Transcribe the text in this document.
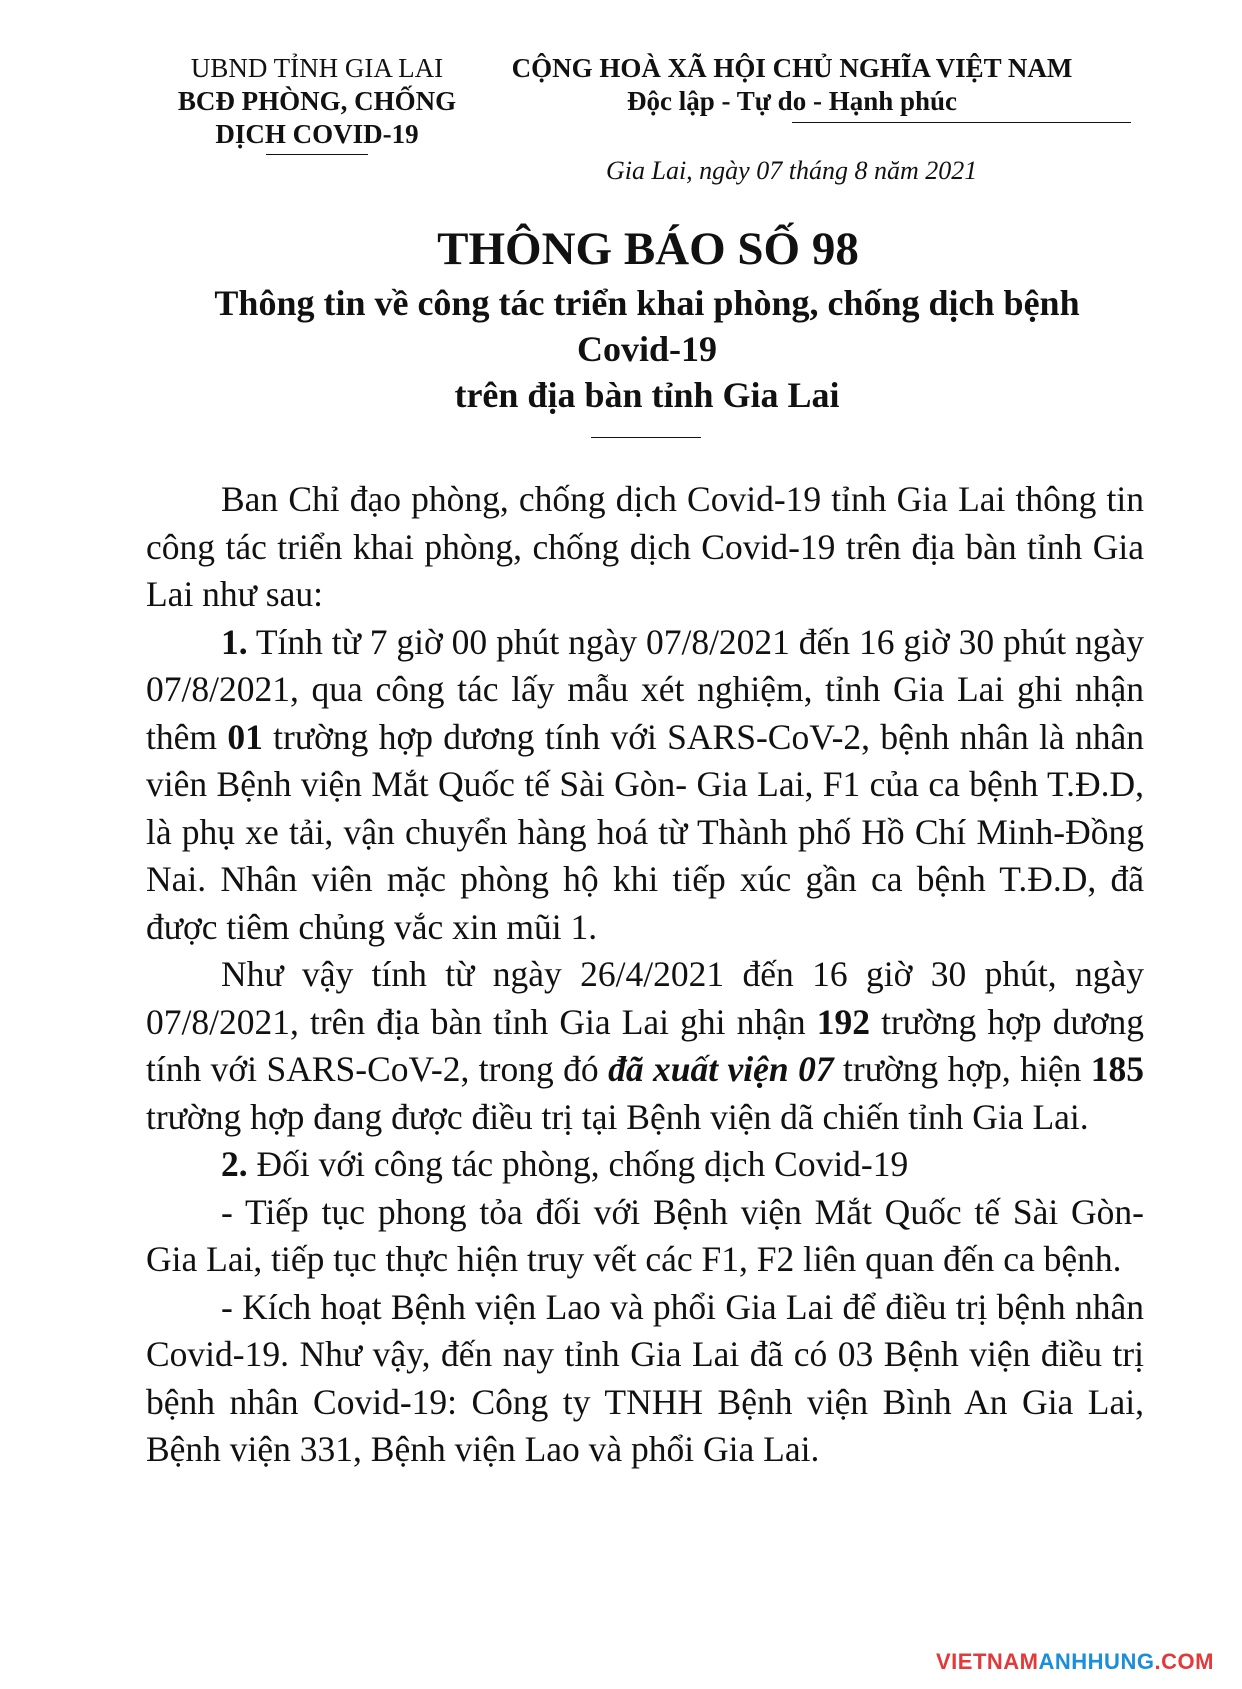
UBND TỈNH GIA LAI
BCĐ PHÒNG, CHỐNG
DỊCH COVID-19
CỘNG HOÀ XÃ HỘI CHỦ NGHĨA VIỆT NAM
Độc lập - Tự do - Hạnh phúc
Gia Lai, ngày 07 tháng 8 năm 2021
THÔNG BÁO SỐ 98
Thông tin về công tác triển khai phòng, chống dịch bệnh
Covid-19
trên địa bàn tỉnh Gia Lai

Ban Chỉ đạo phòng, chống dịch Covid-19 tỉnh Gia Lai thông tin công tác triển khai phòng, chống dịch Covid-19 trên địa bàn tỉnh Gia Lai như sau:

1. Tính từ 7 giờ 00 phút ngày 07/8/2021 đến 16 giờ 30 phút ngày 07/8/2021, qua công tác lấy mẫu xét nghiệm, tỉnh Gia Lai ghi nhận thêm 01 trường hợp dương tính với SARS-CoV-2, bệnh nhân là nhân viên Bệnh viện Mắt Quốc tế Sài Gòn- Gia Lai, F1 của ca bệnh T.Đ.D, là phụ xe tải, vận chuyển hàng hoá từ Thành phố Hồ Chí Minh-Đồng Nai. Nhân viên mặc phòng hộ khi tiếp xúc gần ca bệnh T.Đ.D, đã được tiêm chủng vắc xin mũi 1.

Như vậy tính từ ngày 26/4/2021 đến 16 giờ 30 phút, ngày 07/8/2021, trên địa bàn tỉnh Gia Lai ghi nhận 192 trường hợp dương tính với SARS-CoV-2, trong đó đã xuất viện 07 trường hợp, hiện 185 trường hợp đang được điều trị tại Bệnh viện dã chiến tỉnh Gia Lai.

2. Đối với công tác phòng, chống dịch Covid-19

- Tiếp tục phong tỏa đối với Bệnh viện Mắt Quốc tế Sài Gòn- Gia Lai, tiếp tục thực hiện truy vết các F1, F2 liên quan đến ca bệnh.

- Kích hoạt Bệnh viện Lao và phổi Gia Lai để điều trị bệnh nhân Covid-19. Như vậy, đến nay tỉnh Gia Lai đã có 03 Bệnh viện điều trị bệnh nhân Covid-19: Công ty TNHH Bệnh viện Bình An Gia Lai, Bệnh viện 331, Bệnh viện Lao và phổi Gia Lai.

VIETNAMANHHUNG.COM
